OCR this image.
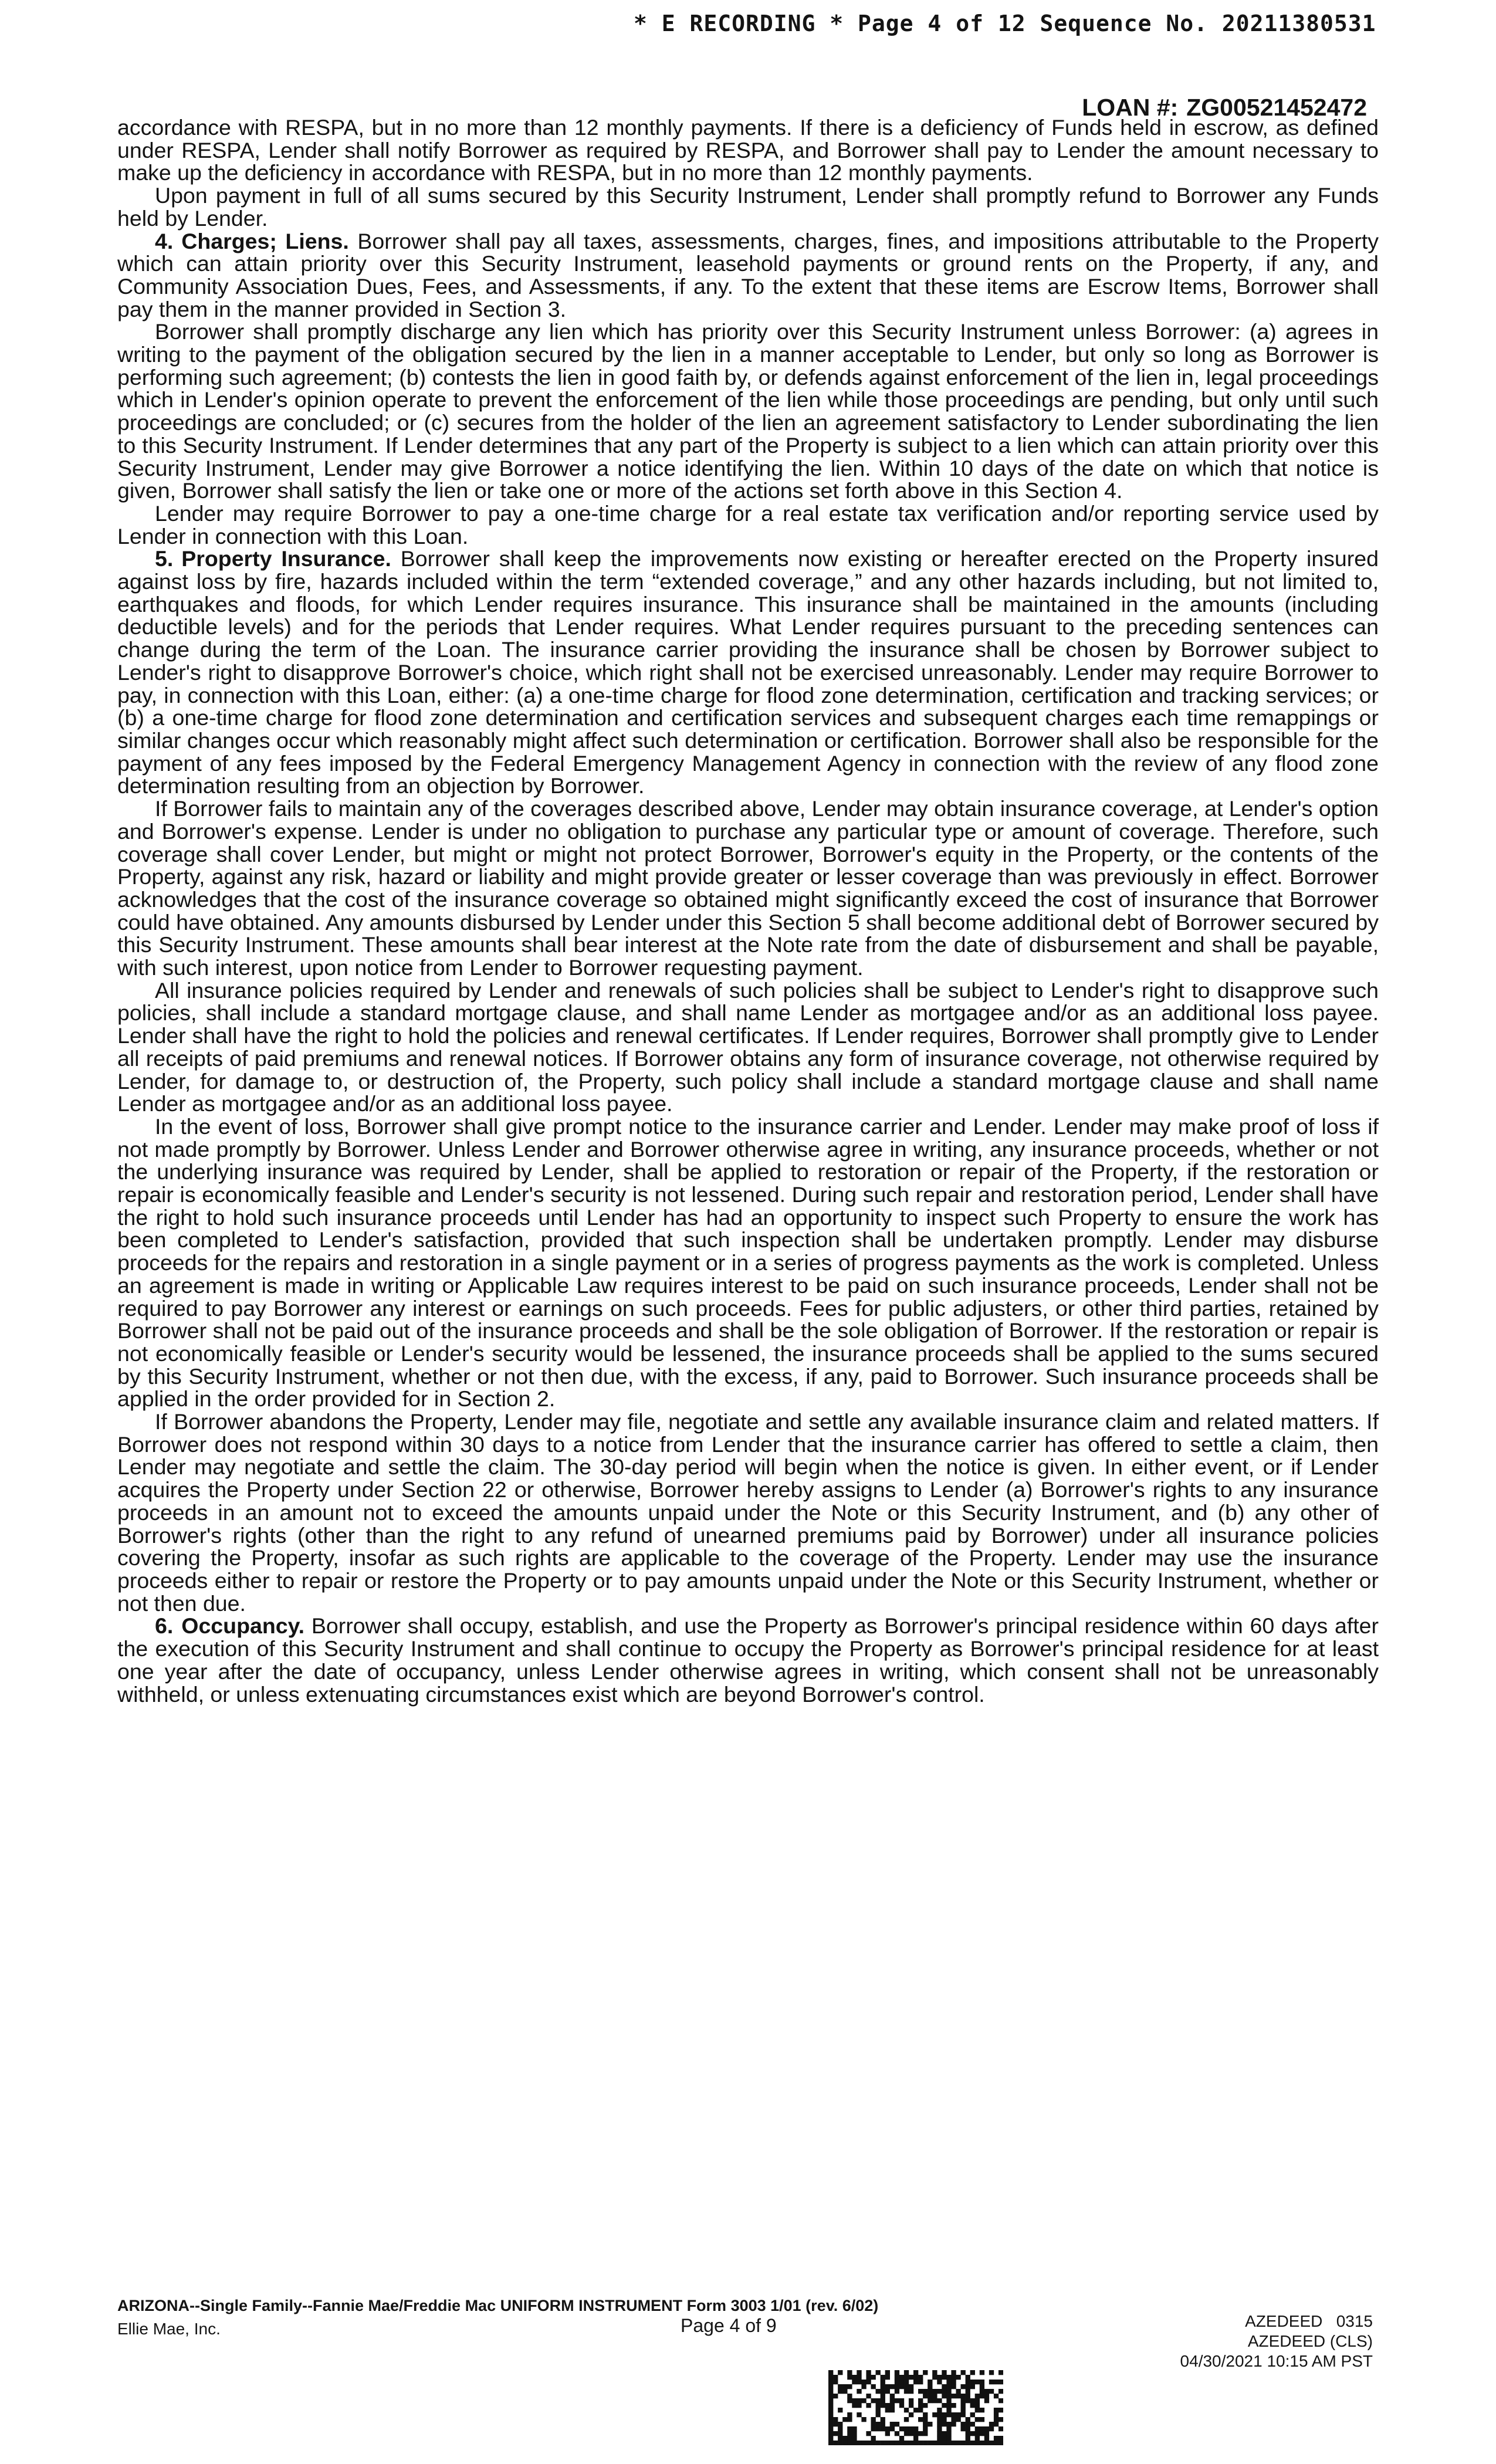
* E RECORDING * Page 4 of 12 Sequence No. 20211380531
LOAN #: ZG00521452472

accordance with RESPA, but in no more than 12 monthly payments. If there is a deficiency of Funds held in escrow, as defined under RESPA, Lender shall notify Borrower as required by RESPA, and Borrower shall pay to Lender the amount necessary to make up the deficiency in accordance with RESPA, but in no more than 12 monthly payments.

Upon payment in full of all sums secured by this Security Instrument, Lender shall promptly refund to Borrower any Funds held by Lender.

4. Charges; Liens. Borrower shall pay all taxes, assessments, charges, fines, and impositions attributable to the Property which can attain priority over this Security Instrument, leasehold payments or ground rents on the Property, if any, and Community Association Dues, Fees, and Assessments, if any. To the extent that these items are Escrow Items, Borrower shall pay them in the manner provided in Section 3.

Borrower shall promptly discharge any lien which has priority over this Security Instrument unless Borrower: (a) agrees in writing to the payment of the obligation secured by the lien in a manner acceptable to Lender, but only so long as Borrower is performing such agreement; (b) contests the lien in good faith by, or defends against enforcement of the lien in, legal proceedings which in Lender's opinion operate to prevent the enforcement of the lien while those proceedings are pending, but only until such proceedings are concluded; or (c) secures from the holder of the lien an agreement satisfactory to Lender subordinating the lien to this Security Instrument. If Lender determines that any part of the Property is subject to a lien which can attain priority over this Security Instrument, Lender may give Borrower a notice identifying the lien. Within 10 days of the date on which that notice is given, Borrower shall satisfy the lien or take one or more of the actions set forth above in this Section 4.

Lender may require Borrower to pay a one-time charge for a real estate tax verification and/or reporting service used by Lender in connection with this Loan.

5. Property Insurance. Borrower shall keep the improvements now existing or hereafter erected on the Property insured against loss by fire, hazards included within the term “extended coverage,” and any other hazards including, but not limited to, earthquakes and floods, for which Lender requires insurance. This insurance shall be maintained in the amounts (including deductible levels) and for the periods that Lender requires. What Lender requires pursuant to the preceding sentences can change during the term of the Loan. The insurance carrier providing the insurance shall be chosen by Borrower subject to Lender's right to disapprove Borrower's choice, which right shall not be exercised unreasonably. Lender may require Borrower to pay, in connection with this Loan, either: (a) a one-time charge for flood zone determination, certification and tracking services; or (b) a one-time charge for flood zone determination and certification services and subsequent charges each time remappings or similar changes occur which reasonably might affect such determination or certification. Borrower shall also be responsible for the payment of any fees imposed by the Federal Emergency Management Agency in connection with the review of any flood zone determination resulting from an objection by Borrower.

If Borrower fails to maintain any of the coverages described above, Lender may obtain insurance coverage, at Lender's option and Borrower's expense. Lender is under no obligation to purchase any particular type or amount of coverage. Therefore, such coverage shall cover Lender, but might or might not protect Borrower, Borrower's equity in the Property, or the contents of the Property, against any risk, hazard or liability and might provide greater or lesser coverage than was previously in effect. Borrower acknowledges that the cost of the insurance coverage so obtained might significantly exceed the cost of insurance that Borrower could have obtained. Any amounts disbursed by Lender under this Section 5 shall become additional debt of Borrower secured by this Security Instrument. These amounts shall bear interest at the Note rate from the date of disbursement and shall be payable, with such interest, upon notice from Lender to Borrower requesting payment.

All insurance policies required by Lender and renewals of such policies shall be subject to Lender's right to disapprove such policies, shall include a standard mortgage clause, and shall name Lender as mortgagee and/or as an additional loss payee. Lender shall have the right to hold the policies and renewal certificates. If Lender requires, Borrower shall promptly give to Lender all receipts of paid premiums and renewal notices. If Borrower obtains any form of insurance coverage, not otherwise required by Lender, for damage to, or destruction of, the Property, such policy shall include a standard mortgage clause and shall name Lender as mortgagee and/or as an additional loss payee.

In the event of loss, Borrower shall give prompt notice to the insurance carrier and Lender. Lender may make proof of loss if not made promptly by Borrower. Unless Lender and Borrower otherwise agree in writing, any insurance proceeds, whether or not the underlying insurance was required by Lender, shall be applied to restoration or repair of the Property, if the restoration or repair is economically feasible and Lender's security is not lessened. During such repair and restoration period, Lender shall have the right to hold such insurance proceeds until Lender has had an opportunity to inspect such Property to ensure the work has been completed to Lender's satisfaction, provided that such inspection shall be undertaken promptly. Lender may disburse proceeds for the repairs and restoration in a single payment or in a series of progress payments as the work is completed. Unless an agreement is made in writing or Applicable Law requires interest to be paid on such insurance proceeds, Lender shall not be required to pay Borrower any interest or earnings on such proceeds. Fees for public adjusters, or other third parties, retained by Borrower shall not be paid out of the insurance proceeds and shall be the sole obligation of Borrower. If the restoration or repair is not economically feasible or Lender's security would be lessened, the insurance proceeds shall be applied to the sums secured by this Security Instrument, whether or not then due, with the excess, if any, paid to Borrower. Such insurance proceeds shall be applied in the order provided for in Section 2.

If Borrower abandons the Property, Lender may file, negotiate and settle any available insurance claim and related matters. If Borrower does not respond within 30 days to a notice from Lender that the insurance carrier has offered to settle a claim, then Lender may negotiate and settle the claim. The 30-day period will begin when the notice is given. In either event, or if Lender acquires the Property under Section 22 or otherwise, Borrower hereby assigns to Lender (a) Borrower's rights to any insurance proceeds in an amount not to exceed the amounts unpaid under the Note or this Security Instrument, and (b) any other of Borrower's rights (other than the right to any refund of unearned premiums paid by Borrower) under all insurance policies covering the Property, insofar as such rights are applicable to the coverage of the Property. Lender may use the insurance proceeds either to repair or restore the Property or to pay amounts unpaid under the Note or this Security Instrument, whether or not then due.

6. Occupancy. Borrower shall occupy, establish, and use the Property as Borrower's principal residence within 60 days after the execution of this Security Instrument and shall continue to occupy the Property as Borrower's principal residence for at least one year after the date of occupancy, unless Lender otherwise agrees in writing, which consent shall not be unreasonably withheld, or unless extenuating circumstances exist which are beyond Borrower's control.

ARIZONA--Single Family--Fannie Mae/Freddie Mac UNIFORM INSTRUMENT Form 3003 1/01 (rev. 6/02)
Ellie Mae, Inc.	Page 4 of 9	AZEDEED   0315
AZEDEED (CLS)
04/30/2021 10:15 AM PST
